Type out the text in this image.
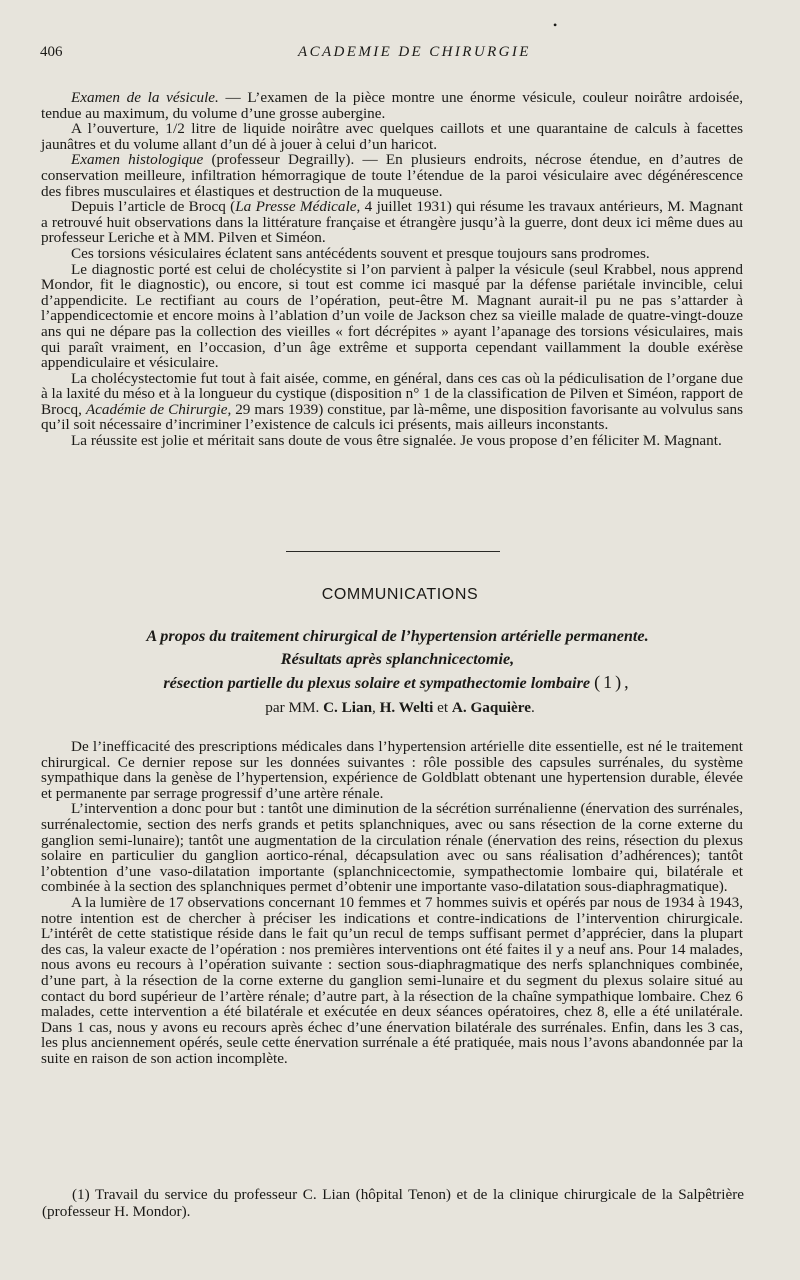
406	ACADEMIE DE CHIRURGIE
•

Examen de la vésicule. — L’examen de la pièce montre une énorme vésicule, couleur noirâtre ardoisée, tendue au maximum, du volume d’une grosse aubergine.

A l’ouverture, 1/2 litre de liquide noirâtre avec quelques caillots et une quarantaine de calculs à facettes jaunâtres et du volume allant d’un dé à jouer à celui d’un haricot.

Examen histologique (professeur Degrailly). — En plusieurs endroits, nécrose étendue, en d’autres de conservation meilleure, infiltration hémorragique de toute l’étendue de la paroi vésiculaire avec dégénérescence des fibres musculaires et élastiques et destruction de la muqueuse.

Depuis l’article de Brocq (La Presse Médicale, 4 juillet 1931) qui résume les travaux antérieurs, M. Magnant a retrouvé huit observations dans la littérature française et étrangère jusqu’à la guerre, dont deux ici même dues au professeur Leriche et à MM. Pilven et Siméon.

Ces torsions vésiculaires éclatent sans antécédents souvent et presque toujours sans prodromes.

Le diagnostic porté est celui de cholécystite si l’on parvient à palper la vésicule (seul Krabbel, nous apprend Mondor, fit le diagnostic), ou encore, si tout est comme ici masqué par la défense pariétale invincible, celui d’appendicite. Le rectifiant au cours de l’opération, peut-être M. Magnant aurait-il pu ne pas s’attarder à l’appendicectomie et encore moins à l’ablation d’un voile de Jackson chez sa vieille malade de quatre-vingt-douze ans qui ne dépare pas la collection des vieilles « fort décrépites » ayant l’apanage des torsions vésiculaires, mais qui paraît vraiment, en l’occasion, d’un âge extrême et supporta cependant vaillamment la double exérèse appendiculaire et vésiculaire.

La cholécystectomie fut tout à fait aisée, comme, en général, dans ces cas où la pédiculisation de l’organe due à la laxité du méso et à la longueur du cystique (disposition n° 1 de la classification de Pilven et Siméon, rapport de Brocq, Académie de Chirurgie, 29 mars 1939) constitue, par là-même, une disposition favorisante au volvulus sans qu’il soit nécessaire d’incriminer l’existence de calculs ici présents, mais ailleurs inconstants.

La réussite est jolie et méritait sans doute de vous être signalée. Je vous propose d’en féliciter M. Magnant.

COMMUNICATIONS
A propos du traitement chirurgical de l’hypertension artérielle permanente.
Résultats après splanchnicectomie,
résection partielle du plexus solaire et sympathectomie lombaire (1),
par MM. C. Lian, H. Welti et A. Gaquière.

De l’inefficacité des prescriptions médicales dans l’hypertension artérielle dite essentielle, est né le traitement chirurgical. Ce dernier repose sur les données suivantes : rôle possible des capsules surrénales, du système sympathique dans la genèse de l’hypertension, expérience de Goldblatt obtenant une hypertension durable, élevée et permanente par serrage progressif d’une artère rénale.

L’intervention a donc pour but : tantôt une diminution de la sécrétion surrénalienne (énervation des surrénales, surrénalectomie, section des nerfs grands et petits splanchniques, avec ou sans résection de la corne externe du ganglion semi-lunaire); tantôt une augmentation de la circulation rénale (énervation des reins, résection du plexus solaire en particulier du ganglion aortico-rénal, décapsulation avec ou sans réalisation d’adhérences); tantôt l’obtention d’une vaso-dilatation importante (splanchnicectomie, sympathectomie lombaire qui, bilatérale et combinée à la section des splanchniques permet d’obtenir une importante vaso-dilatation sous-diaphragmatique).

A la lumière de 17 observations concernant 10 femmes et 7 hommes suivis et opérés par nous de 1934 à 1943, notre intention est de chercher à préciser les indications et contre-indications de l’intervention chirurgicale. L’intérêt de cette statistique réside dans le fait qu’un recul de temps suffisant permet d’apprécier, dans la plupart des cas, la valeur exacte de l’opération : nos premières interventions ont été faites il y a neuf ans. Pour 14 malades, nous avons eu recours à l’opération suivante : section sous-diaphragmatique des nerfs splanchniques combinée, d’une part, à la résection de la corne externe du ganglion semi-lunaire et du segment du plexus solaire situé au contact du bord supérieur de l’artère rénale; d’autre part, à la résection de la chaîne sympathique lombaire. Chez 6 malades, cette intervention a été bilatérale et exécutée en deux séances opératoires, chez 8, elle a été unilatérale. Dans 1 cas, nous y avons eu recours après échec d’une énervation bilatérale des surrénales. Enfin, dans les 3 cas, les plus anciennement opérés, seule cette énervation surrénale a été pratiquée, mais nous l’avons abandonnée par la suite en raison de son action incomplète.

(1) Travail du service du professeur C. Lian (hôpital Tenon) et de la clinique chirurgicale de la Salpêtrière (professeur H. Mondor).
